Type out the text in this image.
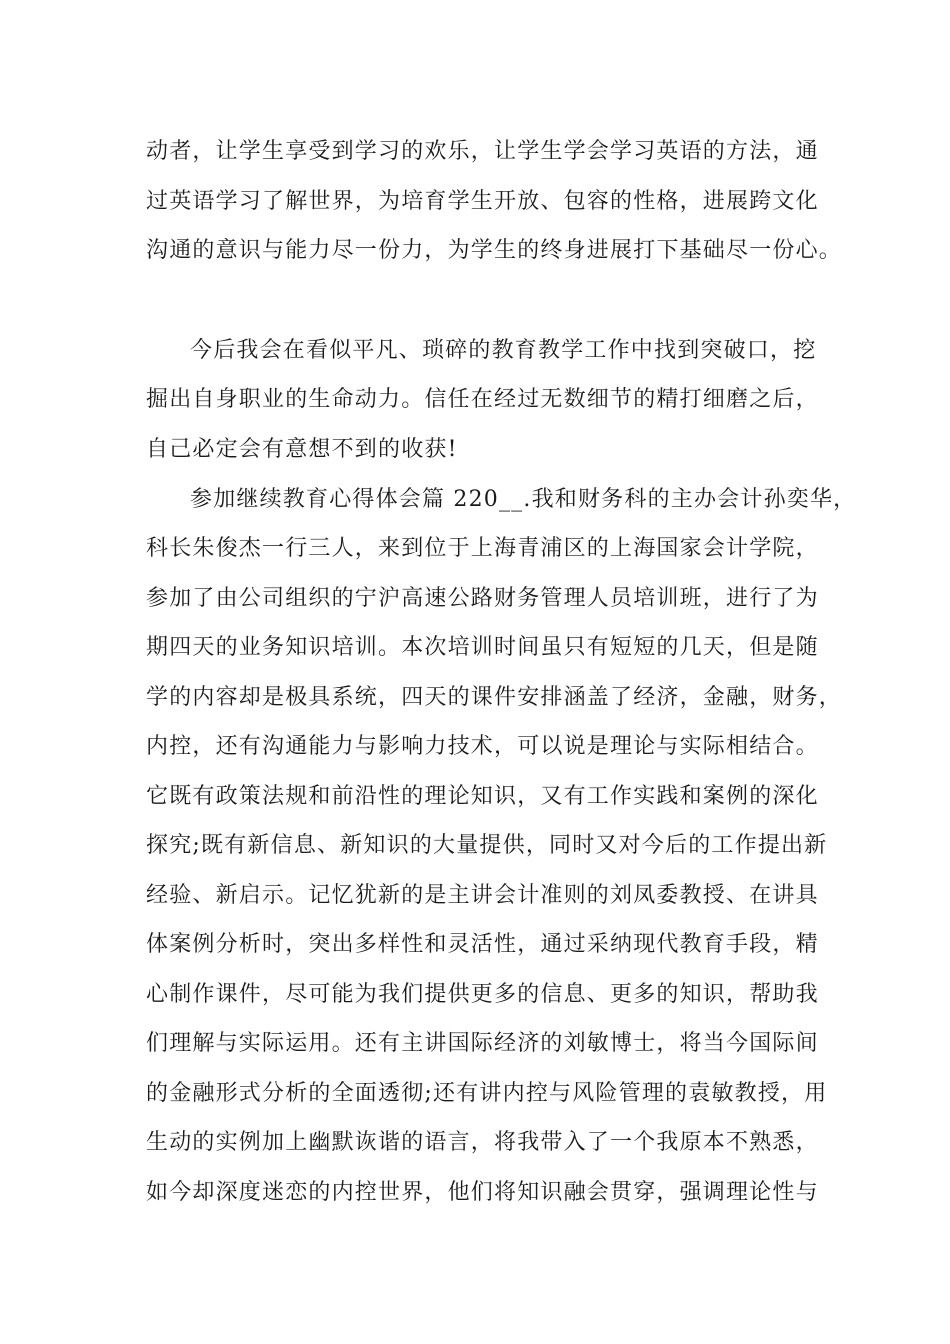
动者，让学生享受到学习的欢乐，让学生学会学习英语的方法，通
过英语学习了解世界，为培育学生开放、包容的性格，进展跨文化
沟通的意识与能力尽一份力，为学生的终身进展打下基础尽一份心。
今后我会在看似平凡、琐碎的教育教学工作中找到突破口，挖
掘出自身职业的生命动力。信任在经过无数细节的精打细磨之后，
自己必定会有意想不到的收获!
参加继续教育心得体会篇 220__.我和财务科的主办会计孙奕华，
科长朱俊杰一行三人，来到位于上海青浦区的上海国家会计学院，
参加了由公司组织的宁沪高速公路财务管理人员培训班，进行了为
期四天的业务知识培训。本次培训时间虽只有短短的几天，但是随
学的内容却是极具系统，四天的课件安排涵盖了经济，金融，财务，
内控，还有沟通能力与影响力技术，可以说是理论与实际相结合。
它既有政策法规和前沿性的理论知识，又有工作实践和案例的深化
探究;既有新信息、新知识的大量提供，同时又对今后的工作提出新
经验、新启示。记忆犹新的是主讲会计准则的刘凤委教授、在讲具
体案例分析时，突出多样性和灵活性，通过采纳现代教育手段，精
心制作课件，尽可能为我们提供更多的信息、更多的知识，帮助我
们理解与实际运用。还有主讲国际经济的刘敏博士，将当今国际间
的金融形式分析的全面透彻;还有讲内控与风险管理的袁敏教授，用
生动的实例加上幽默诙谐的语言，将我带入了一个我原本不熟悉，
如今却深度迷恋的内控世界，他们将知识融会贯穿，强调理论性与
